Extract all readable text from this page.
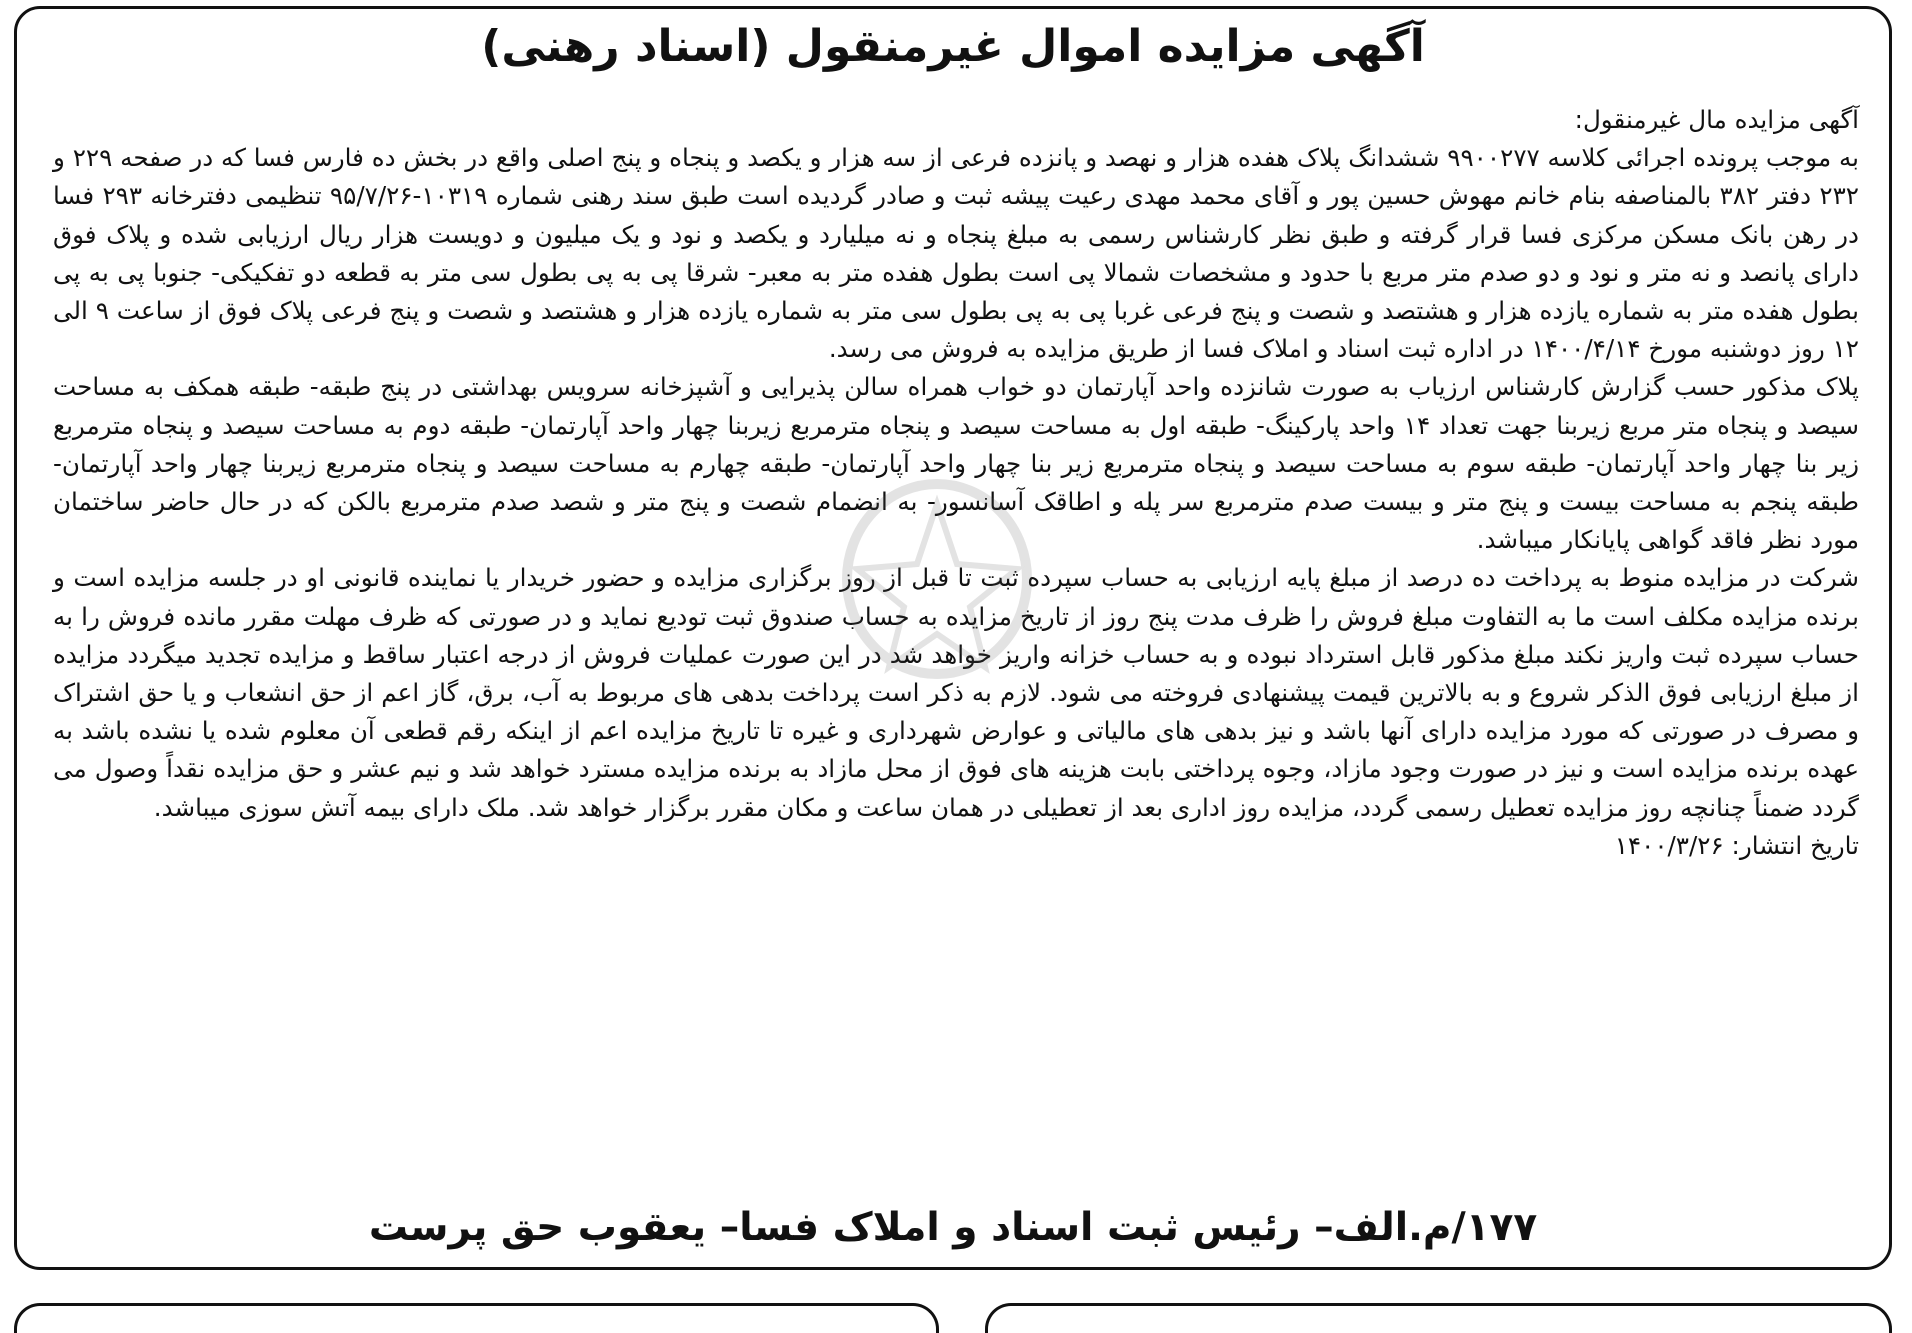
آگهی مزایده اموال غیرمنقول (اسناد رهنی)

آگهی مزایده مال غیرمنقول:

به موجب پرونده اجرائی کلاسه ۹۹۰۰۲۷۷ ششدانگ پلاک هفده هزار و نهصد و پانزده فرعی از سه هزار و یکصد و پنجاه و پنج اصلی واقع در بخش ده فارس فسا که در صفحه ۲۲۹ و ۲۳۲ دفتر ۳۸۲ بالمناصفه بنام خانم مهوش حسین پور و آقای محمد مهدی رعیت پیشه ثبت و صادر گردیده است طبق سند رهنی شماره ۱۰۳۱۹-۹۵/۷/۲۶ تنظیمی دفترخانه ۲۹۳ فسا در رهن بانک مسکن مرکزی فسا قرار گرفته و طبق نظر کارشناس رسمی به مبلغ پنجاه و نه میلیارد و یکصد و نود و یک میلیون و دویست هزار ریال ارزیابی شده و پلاک فوق دارای پانصد و نه متر و نود و دو صدم متر مربع با حدود و مشخصات شمالا پی است بطول هفده متر به معبر- شرقا پی به پی بطول سی متر به قطعه دو تفکیکی- جنوبا پی به پی بطول هفده متر به شماره یازده هزار و هشتصد و شصت و پنج فرعی غربا پی به پی بطول سی متر به شماره یازده هزار و هشتصد و شصت و پنج فرعی پلاک فوق از ساعت ۹ الی ۱۲ روز دوشنبه مورخ ۱۴۰۰/۴/۱۴ در اداره ثبت اسناد و املاک فسا از طریق مزایده به فروش می رسد.

پلاک مذکور حسب گزارش کارشناس ارزیاب به صورت شانزده واحد آپارتمان دو خواب همراه سالن پذیرایی و آشپزخانه سرویس بهداشتی در پنج طبقه- طبقه همکف به مساحت سیصد و پنجاه متر مربع زیربنا جهت تعداد ۱۴ واحد پارکینگ- طبقه اول به مساحت سیصد و پنجاه مترمربع زیربنا چهار واحد آپارتمان- طبقه دوم به مساحت سیصد و پنجاه مترمربع زیر بنا چهار واحد آپارتمان- طبقه سوم به مساحت سیصد و پنجاه مترمربع زیر بنا چهار واحد آپارتمان- طبقه چهارم به مساحت سیصد و پنجاه مترمربع زیربنا چهار واحد آپارتمان- طبقه پنجم به مساحت بیست و پنج متر و بیست صدم مترمربع سر پله و اطاقک آسانسور- به انضمام شصت و پنج متر و شصد صدم مترمربع بالکن که در حال حاضر ساختمان مورد نظر فاقد گواهی پایانکار میباشد.

شرکت در مزایده منوط به پرداخت ده درصد از مبلغ پایه ارزیابی به حساب سپرده ثبت تا قبل از روز برگزاری مزایده و حضور خریدار یا نماینده قانونی او در جلسه مزایده است و برنده مزایده مکلف است ما به التفاوت مبلغ فروش را ظرف مدت پنج روز از تاریخ مزایده به حساب صندوق ثبت تودیع نماید و در صورتی که ظرف مهلت مقرر مانده فروش را به حساب سپرده ثبت واریز نکند مبلغ مذکور قابل استرداد نبوده و به حساب خزانه واریز خواهد شد در این صورت عملیات فروش از درجه اعتبار ساقط و مزایده تجدید میگردد مزایده از مبلغ ارزیابی فوق الذکر شروع و به بالاترین قیمت پیشنهادی فروخته می شود. لازم به ذکر است پرداخت بدهی های مربوط به آب، برق، گاز اعم از حق انشعاب و یا حق اشتراک و مصرف در صورتی که مورد مزایده دارای آنها باشد و نیز بدهی های مالیاتی و عوارض شهرداری و غیره تا تاریخ مزایده اعم از اینکه رقم قطعی آن معلوم شده یا نشده باشد به عهده برنده مزایده است و نیز در صورت وجود مازاد، وجوه پرداختی بابت هزینه های فوق از محل مازاد به برنده مزایده مسترد خواهد شد و نیم عشر و حق مزایده نقداً وصول می گردد ضمناً چنانچه روز مزایده تعطیل رسمی گردد، مزایده روز اداری بعد از تعطیلی در همان ساعت و مکان مقرر برگزار خواهد شد. ملک دارای بیمه آتش سوزی میباشد.

تاریخ انتشار: ۱۴۰۰/۳/۲۶

۱۷۷/م.الف– رئیس ثبت اسناد و املاک فسا– یعقوب حق پرست
